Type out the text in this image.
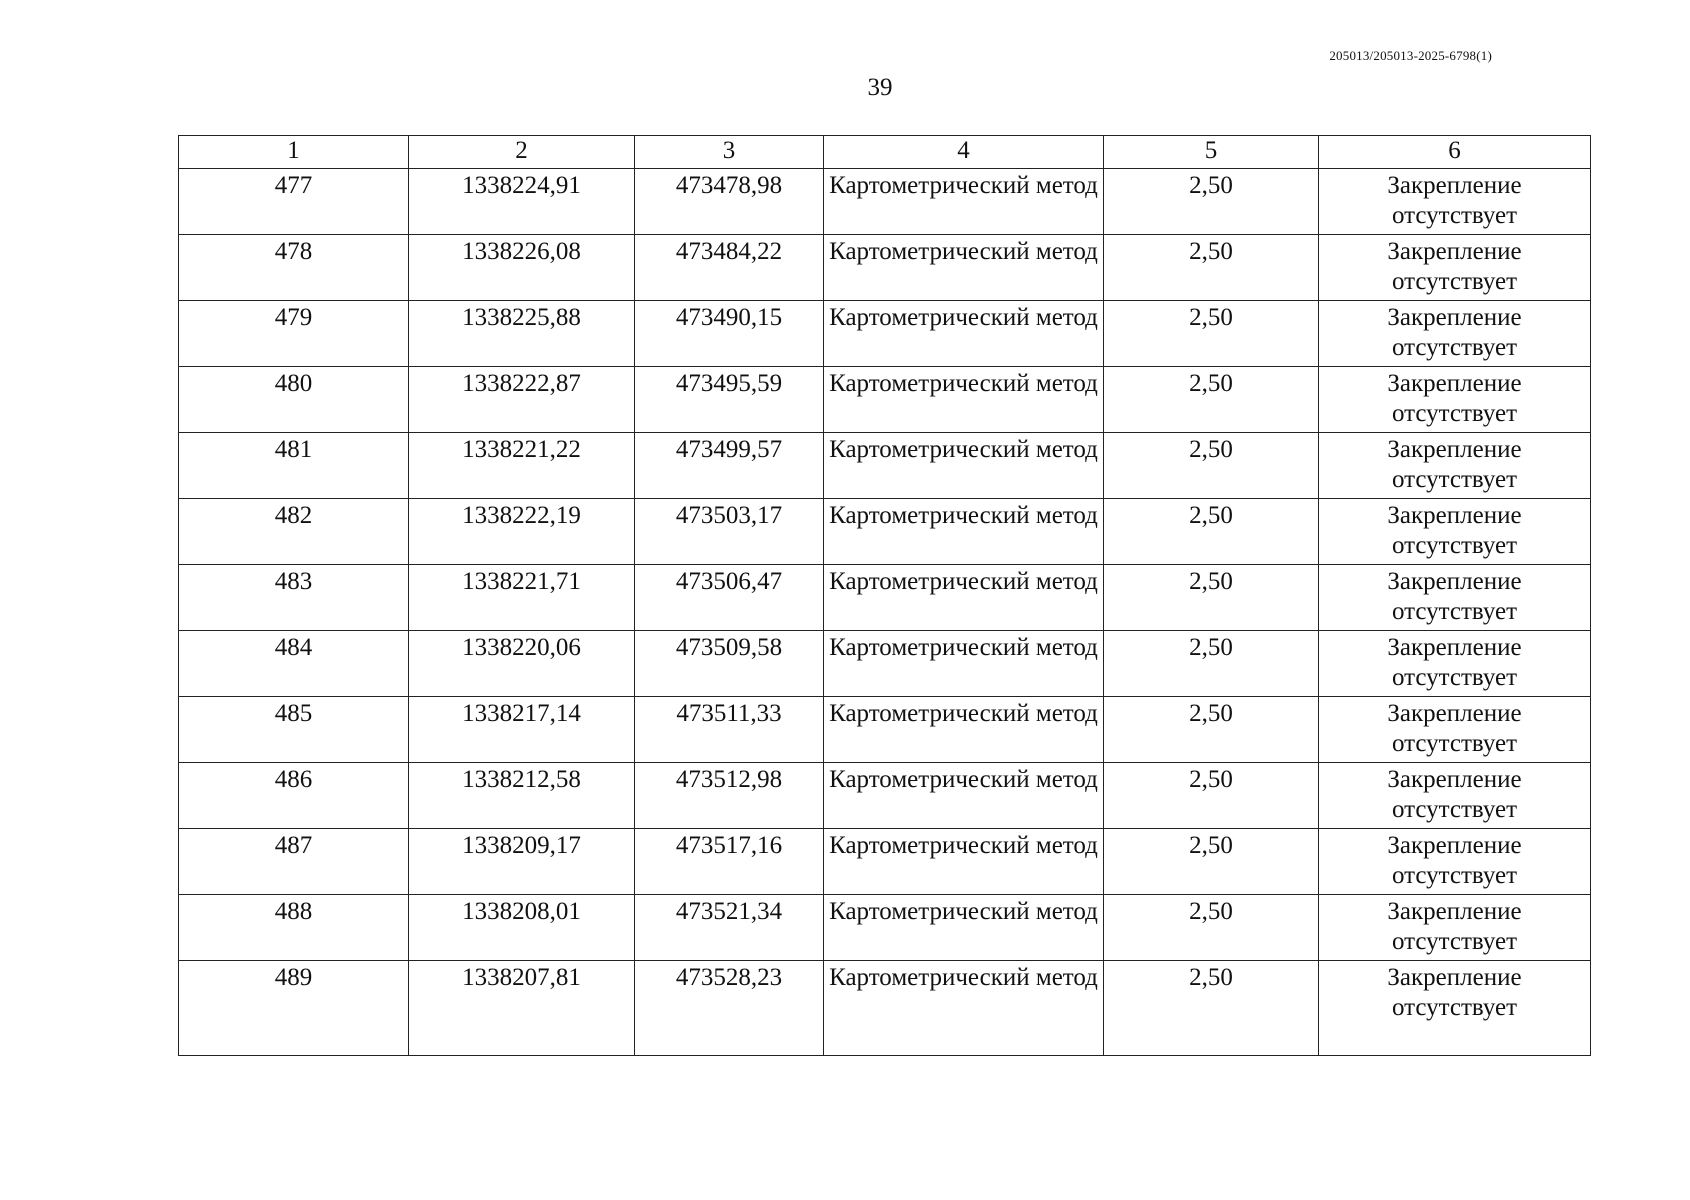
205013/205013-2025-6798(1)
39
1	2	3	4	5	6
477	1338224,91	473478,98	Картометрический метод	2,50	Закрепление отсутствует
478	1338226,08	473484,22	Картометрический метод	2,50	Закрепление отсутствует
479	1338225,88	473490,15	Картометрический метод	2,50	Закрепление отсутствует
480	1338222,87	473495,59	Картометрический метод	2,50	Закрепление отсутствует
481	1338221,22	473499,57	Картометрический метод	2,50	Закрепление отсутствует
482	1338222,19	473503,17	Картометрический метод	2,50	Закрепление отсутствует
483	1338221,71	473506,47	Картометрический метод	2,50	Закрепление отсутствует
484	1338220,06	473509,58	Картометрический метод	2,50	Закрепление отсутствует
485	1338217,14	473511,33	Картометрический метод	2,50	Закрепление отсутствует
486	1338212,58	473512,98	Картометрический метод	2,50	Закрепление отсутствует
487	1338209,17	473517,16	Картометрический метод	2,50	Закрепление отсутствует
488	1338208,01	473521,34	Картометрический метод	2,50	Закрепление отсутствует
489	1338207,81	473528,23	Картометрический метод	2,50	Закрепление отсутствует
